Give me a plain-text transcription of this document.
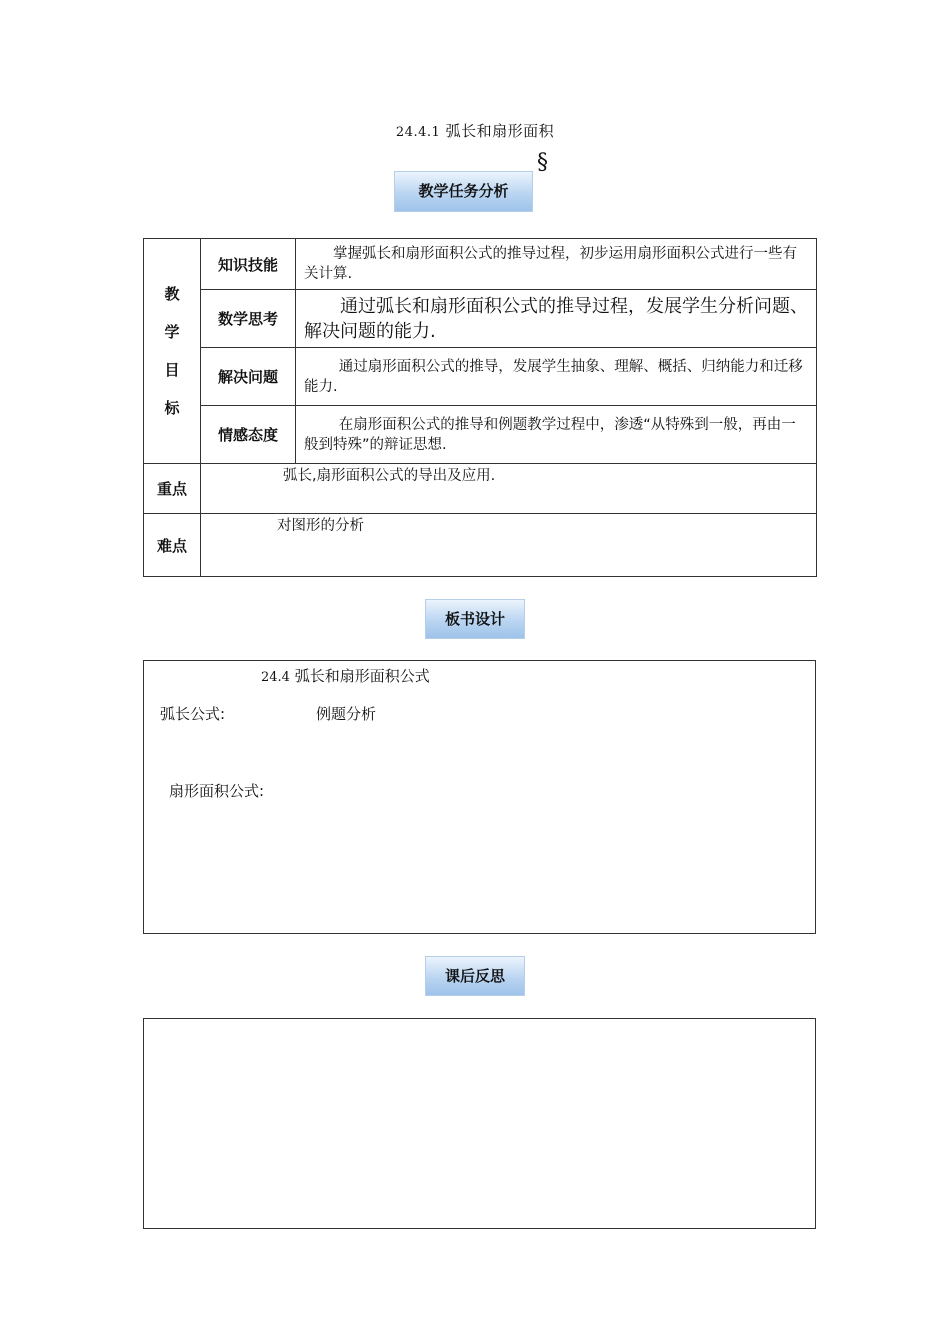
24.4.1 弧长和扇形面积
§
教学任务分析
教
学
目
标	知识技能	掌握弧长和扇形面积公式的推导过程，初步运用扇形面积公式进行一些有关计算.
	数学思考	通过弧长和扇形面积公式的推导过程，发展学生分析问题、解决问题的能力.
	解决问题	通过扇形面积公式的推导，发展学生抽象、理解、概括、归纳能力和迁移能力.
	情感态度	在扇形面积公式的推导和例题教学过程中，渗透“从特殊到一般，再由一般到特殊”的辩证思想.
重点	弧长,扇形面积公式的导出及应用.	

难点	对图形的分析	
板书设计
24.4 弧长和扇形面积公式
弧长公式:	例题分析
扇形面积公式:
课后反思
